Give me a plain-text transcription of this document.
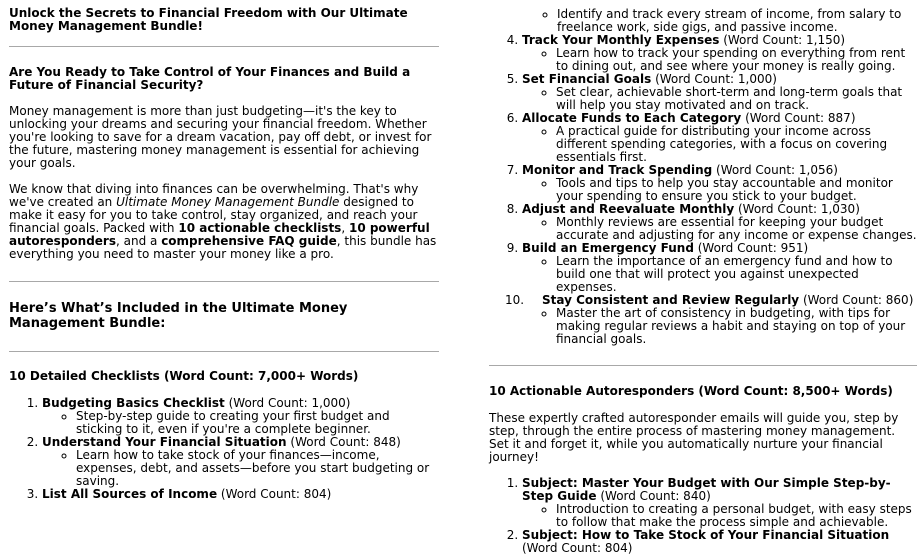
Unlock the Secrets to Financial Freedom with Our Ultimate Money Management Bundle!

Are You Ready to Take Control of Your Finances and Build a Future of Financial Security?

Money management is more than just budgeting—it's the key to unlocking your dreams and securing your financial freedom. Whether you're looking to save for a dream vacation, pay off debt, or invest for the future, mastering money management is essential for achieving your goals.

We know that diving into finances can be overwhelming. That's why we've created an Ultimate Money Management Bundle designed to make it easy for you to take control, stay organized, and reach your financial goals. Packed with 10 actionable checklists, 10 powerful autoresponders, and a comprehensive FAQ guide, this bundle has everything you need to master your money like a pro.

Here’s What’s Included in the Ultimate Money Management Bundle:

10 Detailed Checklists (Word Count: 7,000+ Words)

1. Budgeting Basics Checklist (Word Count: 1,000)
◦ Step-by-step guide to creating your first budget and sticking to it, even if you're a complete beginner.
2. Understand Your Financial Situation (Word Count: 848)
◦ Learn how to take stock of your finances—income, expenses, debt, and assets—before you start budgeting or saving.
3. List All Sources of Income (Word Count: 804)
◦ Identify and track every stream of income, from salary to freelance work, side gigs, and passive income.
4. Track Your Monthly Expenses (Word Count: 1,150)
◦ Learn how to track your spending on everything from rent to dining out, and see where your money is really going.
5. Set Financial Goals (Word Count: 1,000)
◦ Set clear, achievable short-term and long-term goals that will help you stay motivated and on track.
6. Allocate Funds to Each Category (Word Count: 887)
◦ A practical guide for distributing your income across different spending categories, with a focus on covering essentials first.
7. Monitor and Track Spending (Word Count: 1,056)
◦ Tools and tips to help you stay accountable and monitor your spending to ensure you stick to your budget.
8. Adjust and Reevaluate Monthly (Word Count: 1,030)
◦ Monthly reviews are essential for keeping your budget accurate and adjusting for any income or expense changes.
9. Build an Emergency Fund (Word Count: 951)
◦ Learn the importance of an emergency fund and how to build one that will protect you against unexpected expenses.
10. Stay Consistent and Review Regularly (Word Count: 860)
◦ Master the art of consistency in budgeting, with tips for making regular reviews a habit and staying on top of your financial goals.

10 Actionable Autoresponders (Word Count: 8,500+ Words)

These expertly crafted autoresponder emails will guide you, step by step, through the entire process of mastering money management. Set it and forget it, while you automatically nurture your financial journey!

1. Subject: Master Your Budget with Our Simple Step-by-Step Guide (Word Count: 840)
◦ Introduction to creating a personal budget, with easy steps to follow that make the process simple and achievable.
2. Subject: How to Take Stock of Your Financial Situation (Word Count: 804)
